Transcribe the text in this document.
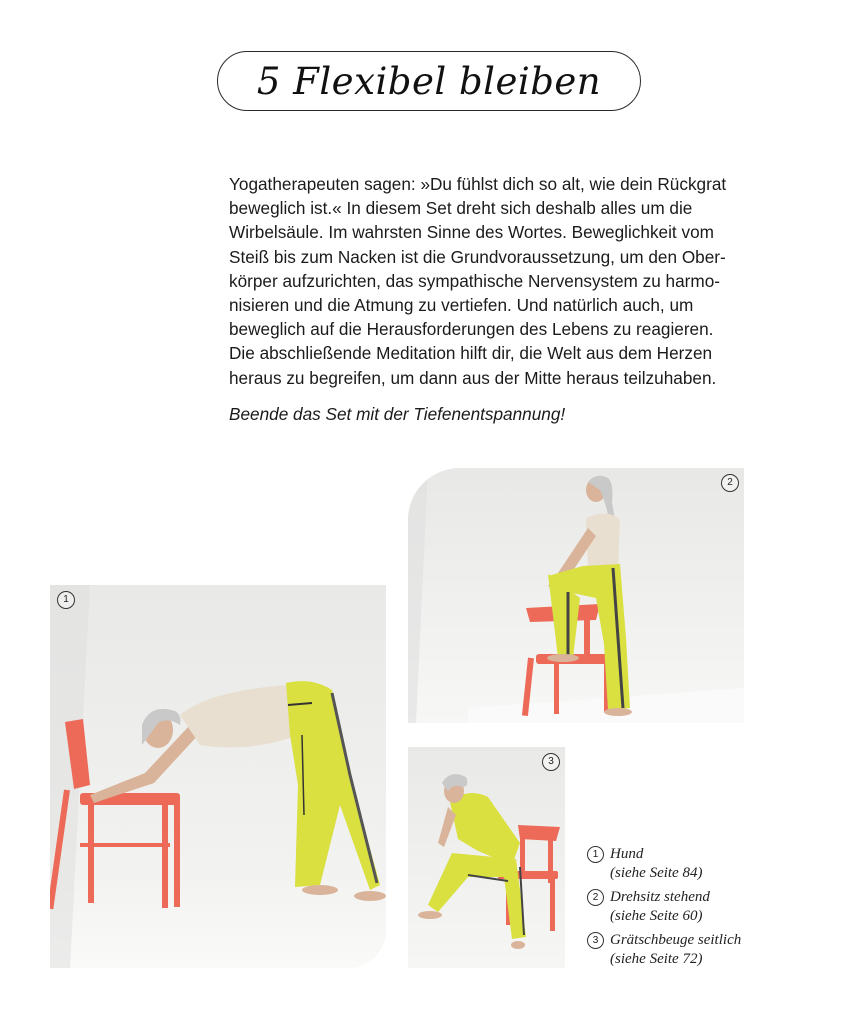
5 Flexibel bleiben
Yogatherapeuten sagen: »Du fühlst dich so alt, wie dein Rückgrat
beweglich ist.« In diesem Set dreht sich deshalb alles um die
Wirbelsäule. Im wahrsten Sinne des Wortes. Beweglichkeit vom
Steiß bis zum Nacken ist die Grundvoraussetzung, um den Ober-
körper aufzurichten, das sympathische Nervensystem zu harmo-
nisieren und die Atmung zu vertiefen. Und natürlich auch, um
beweglich auf die Herausforderungen des Lebens zu reagieren.
Die abschließende Meditation hilft dir, die Welt aus dem Herzen
heraus zu begreifen, um dann aus der Mitte heraus teilzuhaben.
Beende das Set mit der Tiefenentspannung!
1
2
3
1 Hund
(siehe Seite 84)
2 Drehsitz stehend
(siehe Seite 60)
3 Grätschbeuge seitlich
(siehe Seite 72)
